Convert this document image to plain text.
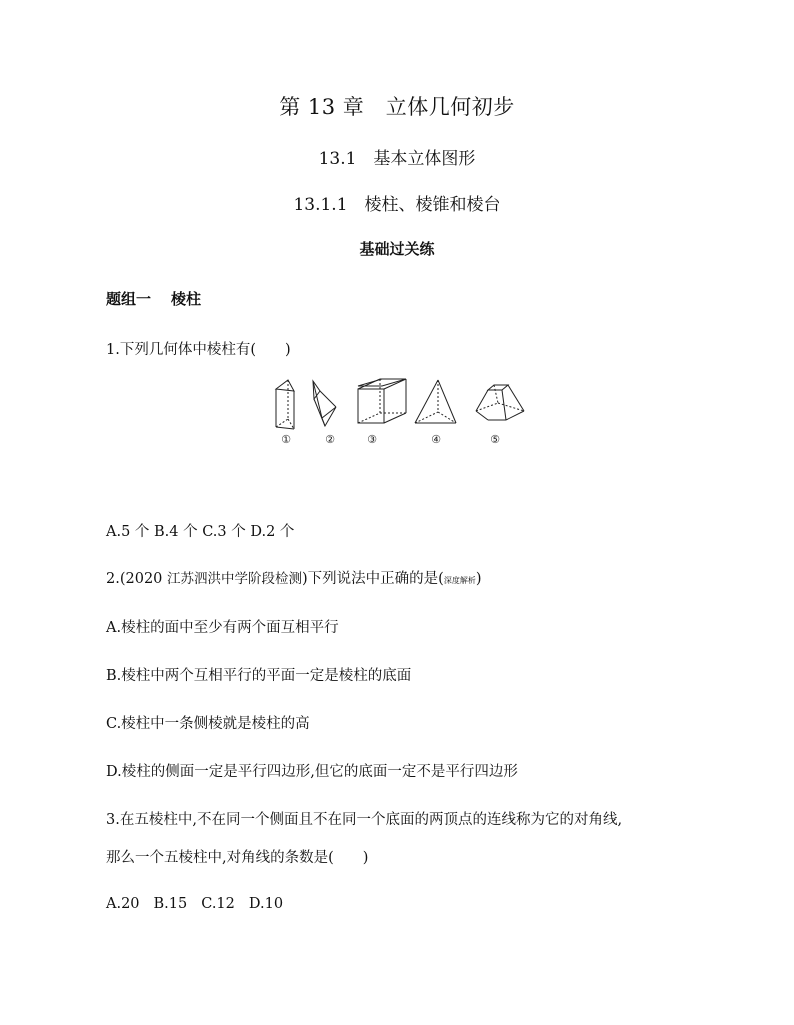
第 13 章　立体几何初步
13.1　基本立体图形
13.1.1　棱柱、棱锥和棱台
基础过关练
题组一 棱柱
1.下列几何体中棱柱有(　　)
①	②	③	④	⑤
A.5 个 B.4 个 C.3 个 D.2 个
2.(2020 江苏泗洪中学阶段检测)下列说法中正确的是(深度解析)
A.棱柱的面中至少有两个面互相平行
B.棱柱中两个互相平行的平面一定是棱柱的底面
C.棱柱中一条侧棱就是棱柱的高
D.棱柱的侧面一定是平行四边形,但它的底面一定不是平行四边形
3.在五棱柱中,不在同一个侧面且不在同一个底面的两顶点的连线称为它的对角线,
那么一个五棱柱中,对角线的条数是(　　)
A.20 B.15 C.12 D.10
